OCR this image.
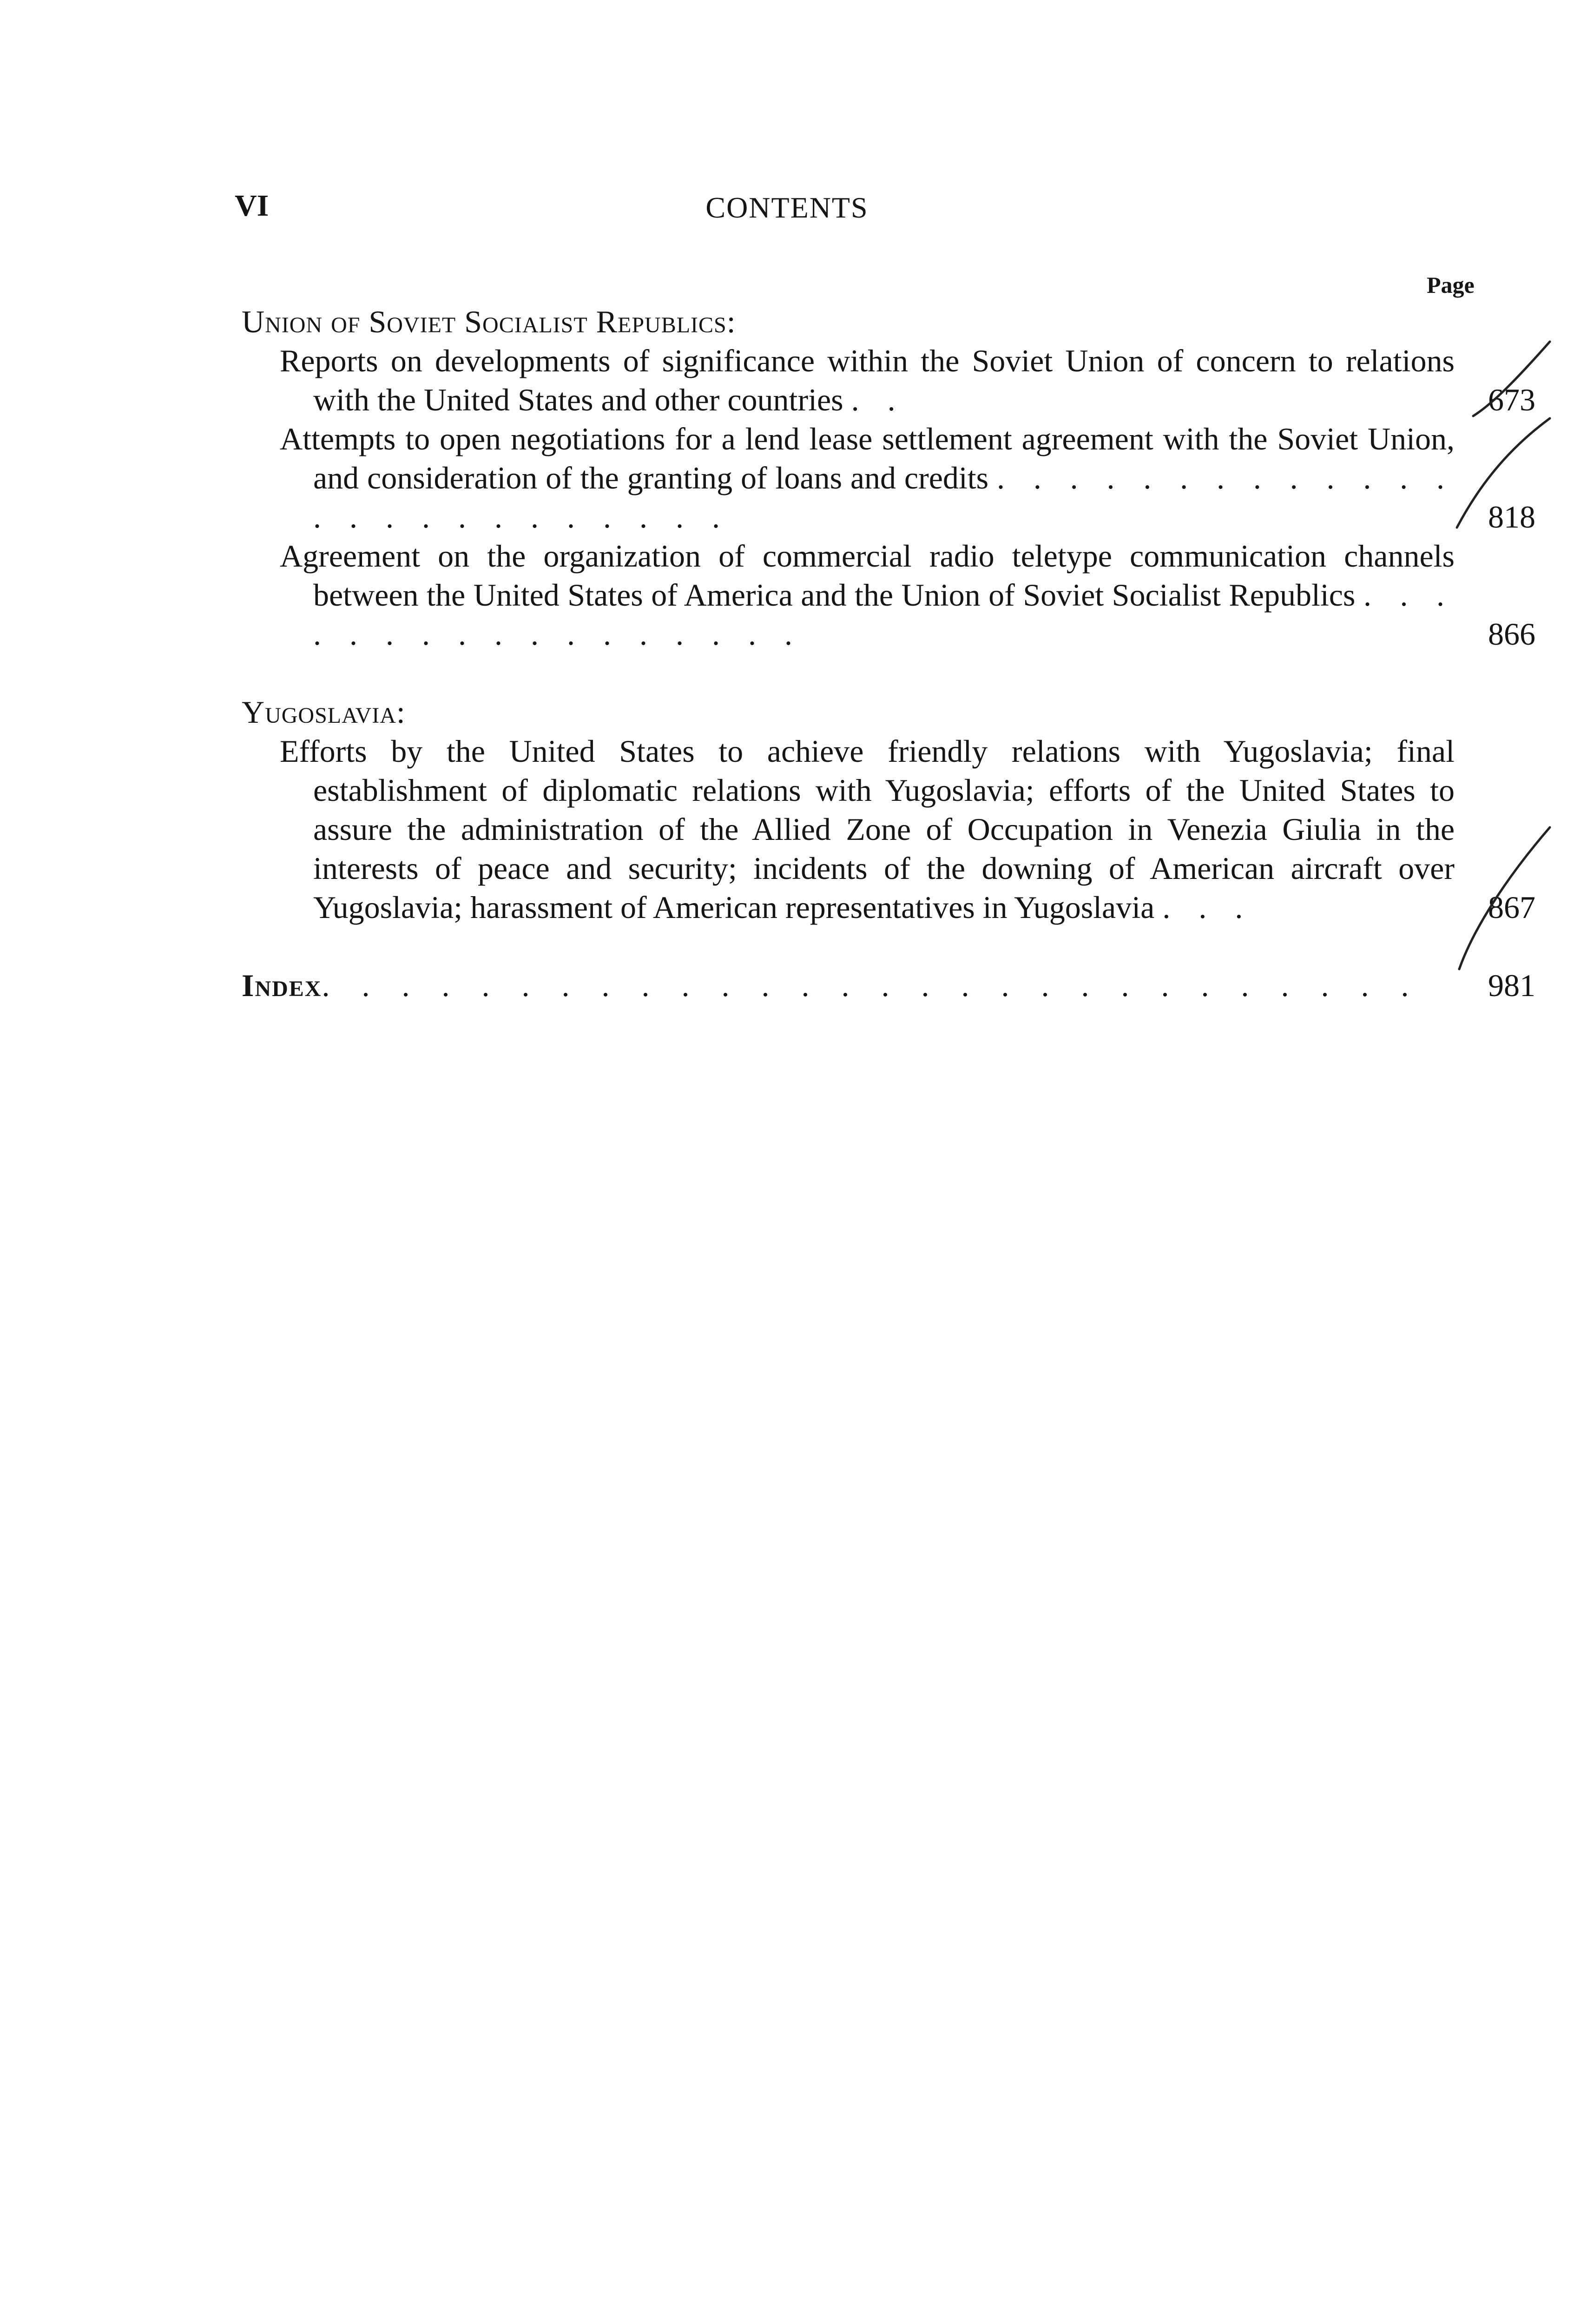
VI	CONTENTS
Page
Union of Soviet Socialist Republics:
Reports on developments of significance within the Soviet Union of concern to relations with the United States and other countries . .	673
Attempts to open negotiations for a lend lease settlement agreement with the Soviet Union, and consideration of the granting of loans and credits . . . . . . . . . . . . . . . . . . . . . . . . .	818
Agreement on the organization of commercial radio teletype communication channels between the United States of America and the Union of Soviet Socialist Republics . . . . . . . . . . . . . . . . .	866
Yugoslavia:
Efforts by the United States to achieve friendly relations with Yugoslavia; final establishment of diplomatic relations with Yugoslavia; efforts of the United States to assure the administration of the Allied Zone of Occupation in Venezia Giulia in the interests of peace and security; incidents of the downing of American aircraft over Yugoslavia; harassment of American representatives in Yugoslavia . . .	867
Index. . . . . . . . . . . . . . . . . . . . . . . . . . . . 981
